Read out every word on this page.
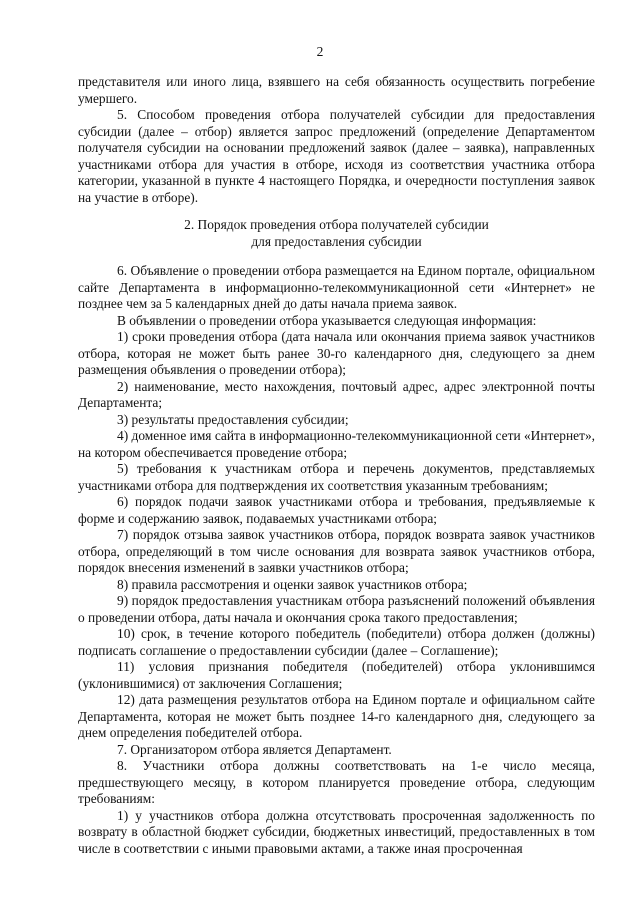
2

представителя или иного лица, взявшего на себя обязанность осуществить погребение умершего.

5. Способом проведения отбора получателей субсидии для предоставления субсидии (далее – отбор) является запрос предложений (определение Департаментом получателя субсидии на основании предложений заявок (далее – заявка), направленных участниками отбора для участия в отборе, исходя из соответствия участника отбора категории, указанной в пункте 4 настоящего Порядка, и очередности поступления заявок на участие в отборе).

2. Порядок проведения отбора получателей субсидии
для предоставления субсидии

6. Объявление о проведении отбора размещается на Едином портале, официальном сайте Департамента в информационно-телекоммуникационной сети «Интернет» не позднее чем за 5 календарных дней до даты начала приема заявок.

В объявлении о проведении отбора указывается следующая информация:

1) сроки проведения отбора (дата начала или окончания приема заявок участников отбора, которая не может быть ранее 30-го календарного дня, следующего за днем размещения объявления о проведении отбора);

2) наименование, место нахождения, почтовый адрес, адрес электронной почты Департамента;

3) результаты предоставления субсидии;

4) доменное имя сайта в информационно-телекоммуникационной сети «Интернет», на котором обеспечивается проведение отбора;

5) требования к участникам отбора и перечень документов, представляемых участниками отбора для подтверждения их соответствия указанным требованиям;

6) порядок подачи заявок участниками отбора и требования, предъявляемые к форме и содержанию заявок, подаваемых участниками отбора;

7) порядок отзыва заявок участников отбора, порядок возврата заявок участников отбора, определяющий в том числе основания для возврата заявок участников отбора, порядок внесения изменений в заявки участников отбора;

8) правила рассмотрения и оценки заявок участников отбора;

9) порядок предоставления участникам отбора разъяснений положений объявления о проведении отбора, даты начала и окончания срока такого предоставления;

10) срок, в течение которого победитель (победители) отбора должен (должны) подписать соглашение о предоставлении субсидии (далее – Соглашение);

11) условия признания победителя (победителей) отбора уклонившимся (уклонившимися) от заключения Соглашения;

12) дата размещения результатов отбора на Едином портале и официальном сайте Департамента, которая не может быть позднее 14-го календарного дня, следующего за днем определения победителей отбора.

7. Организатором отбора является Департамент.

8. Участники отбора должны соответствовать на 1-е число месяца, предшествующего месяцу, в котором планируется проведение отбора, следующим требованиям:

1) у участников отбора должна отсутствовать просроченная задолженность по возврату в областной бюджет субсидии, бюджетных инвестиций, предоставленных в том числе в соответствии с иными правовыми актами, а также иная просроченная
